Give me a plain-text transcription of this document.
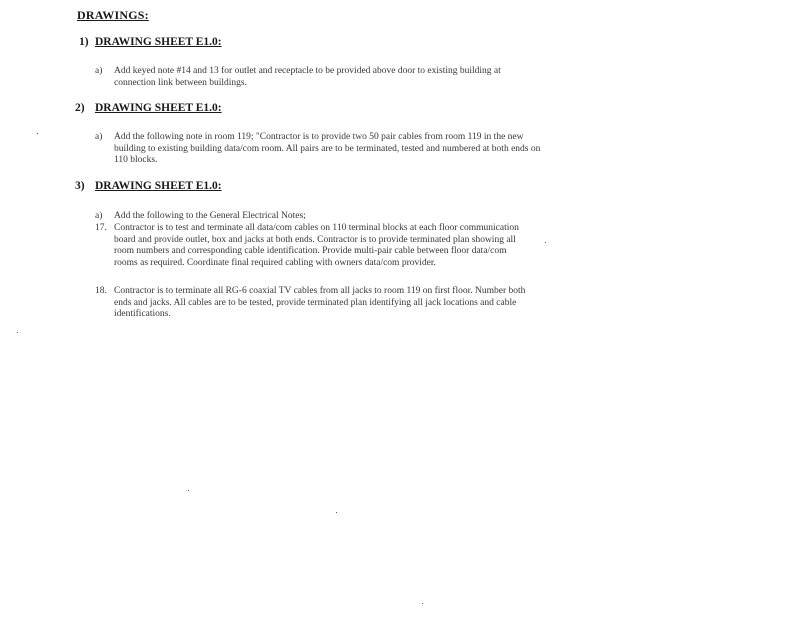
DRAWINGS:
1) DRAWING SHEET E1.0:
a) Add keyed note #14 and 13 for outlet and receptacle to be provided above door to existing building at connection link between buildings.
2) DRAWING SHEET E1.0:
a) Add the following note in room 119; "Contractor is to provide two 50 pair cables from room 119 in the new building to existing building data/com room. All pairs are to be terminated, tested and numbered at both ends on 110 blocks.
3) DRAWING SHEET E1.0:
a) Add the following to the General Electrical Notes;
17. Contractor is to test and terminate all data/com cables on 110 terminal blocks at each floor communication board and provide outlet, box and jacks at both ends. Contractor is to provide terminated plan showing all room numbers and corresponding cable identification. Provide multi-pair cable between floor data/com rooms as required. Coordinate final required cabling with owners data/com provider.
18. Contractor is to terminate all RG-6 coaxial TV cables from all jacks to room 119 on first floor. Number both ends and jacks. All cables are to be tested, provide terminated plan identifying all jack locations and cable identifications.
